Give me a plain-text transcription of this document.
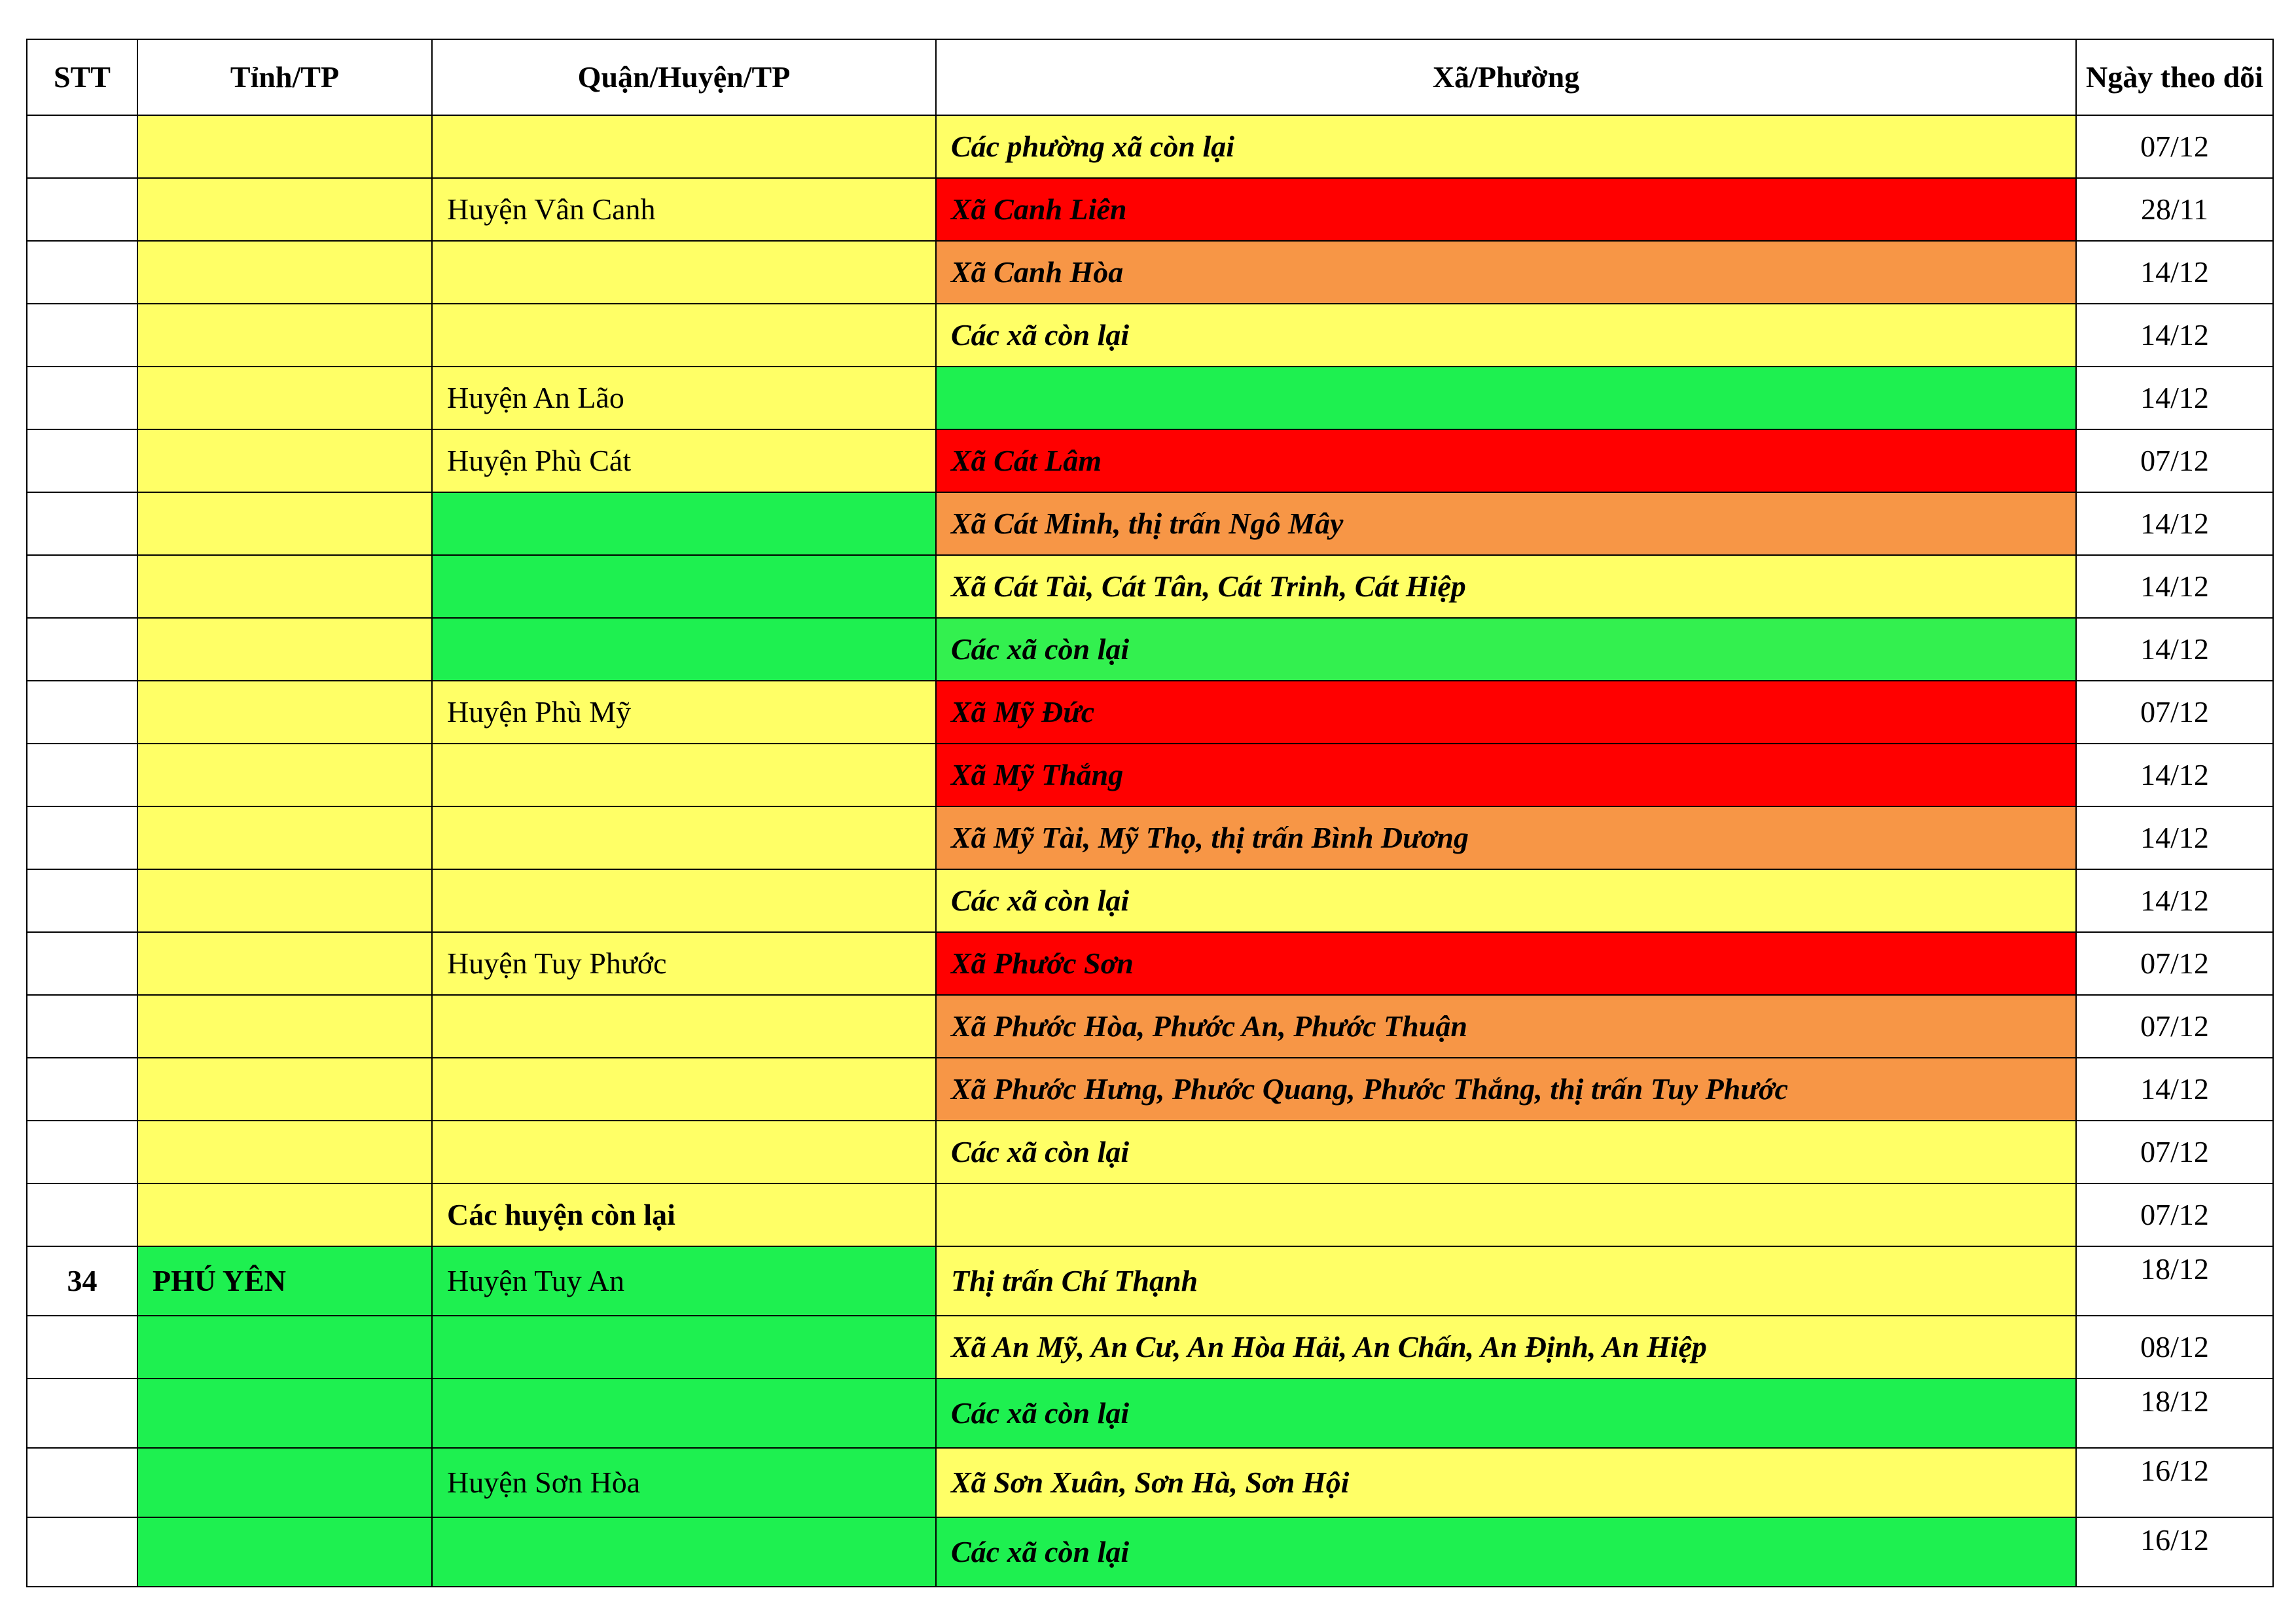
STT	Tỉnh/TP	Quận/Huyện/TP	Xã/Phường	Ngày theo dõi
			Các phường xã còn lại	07/12
		Huyện Vân Canh	Xã Canh Liên	28/11
			Xã Canh Hòa	14/12
			Các xã còn lại	14/12
		Huyện An Lão		14/12
		Huyện Phù Cát	Xã Cát Lâm	07/12
			Xã Cát Minh, thị trấn Ngô Mây	14/12
			Xã Cát Tài, Cát Tân, Cát Trinh, Cát Hiệp	14/12
			Các xã còn lại	14/12
		Huyện Phù Mỹ	Xã Mỹ Đức	07/12
			Xã Mỹ Thắng	14/12
			Xã Mỹ Tài, Mỹ Thọ, thị trấn Bình Dương	14/12
			Các xã còn lại	14/12
		Huyện Tuy Phước	Xã Phước Sơn	07/12
			Xã Phước Hòa, Phước An, Phước Thuận	07/12
			Xã Phước Hưng, Phước Quang, Phước Thắng, thị trấn Tuy Phước	14/12
			Các xã còn lại	07/12
		Các huyện còn lại		07/12
34	PHÚ YÊN	Huyện Tuy An	Thị trấn Chí Thạnh	18/12
			Xã An Mỹ, An Cư, An Hòa Hải, An Chấn, An Định, An Hiệp	08/12
			Các xã còn lại	18/12
		Huyện Sơn Hòa	Xã Sơn Xuân, Sơn Hà, Sơn Hội	16/12
			Các xã còn lại	16/12
